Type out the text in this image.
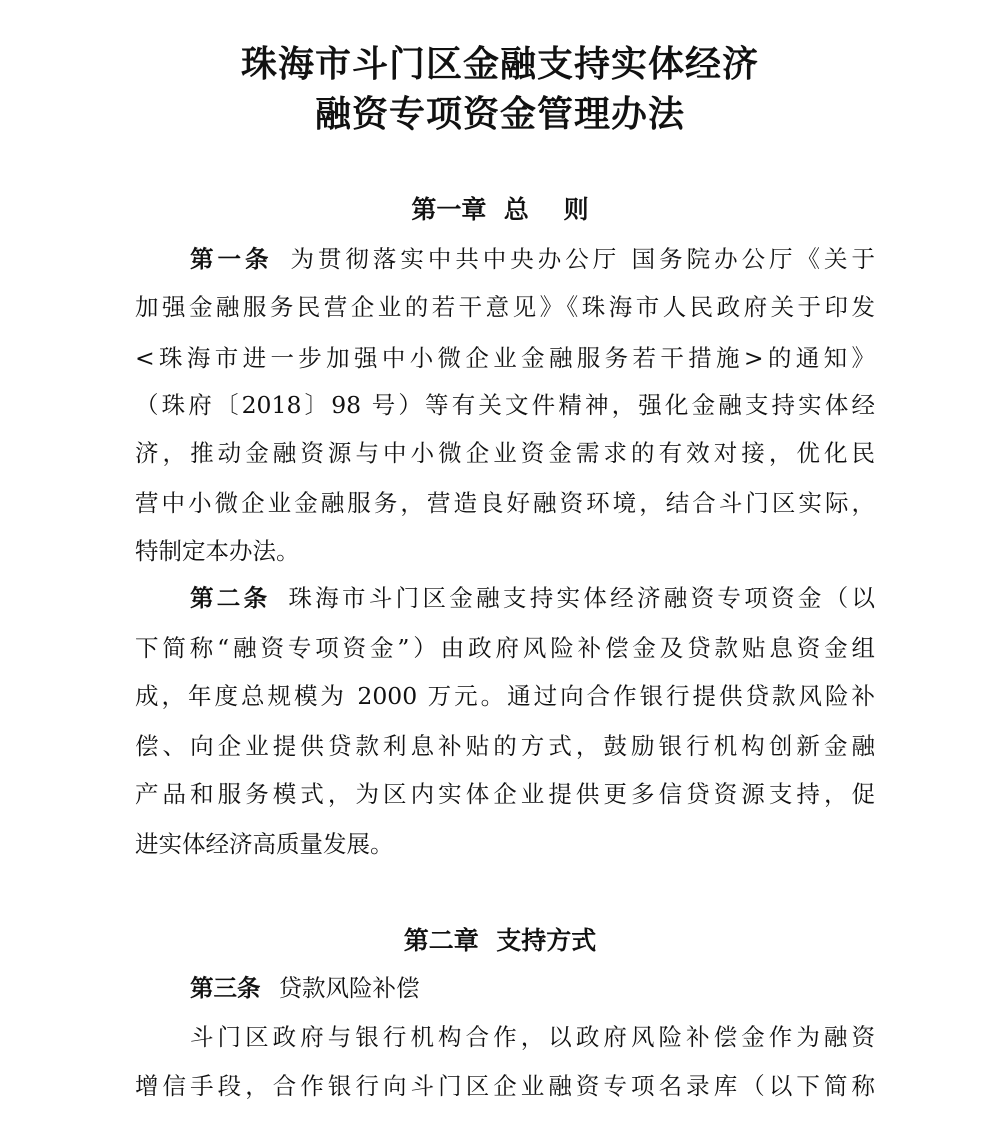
珠海市斗门区金融支持实体经济
融资专项资金管理办法
第一章  总    则
第一条 为贯彻落实中共中央办公厅 国务院办公厅《关于
加强金融服务民营企业的若干意见》《珠海市人民政府关于印发
<珠海市进一步加强中小微企业金融服务若干措施>的通知》
（珠府〔2018〕98 号）等有关文件精神，强化金融支持实体经
济，推动金融资源与中小微企业资金需求的有效对接，优化民
营中小微企业金融服务，营造良好融资环境，结合斗门区实际，
特制定本办法。
第二条 珠海市斗门区金融支持实体经济融资专项资金（以
下简称“融资专项资金”）由政府风险补偿金及贷款贴息资金组
成，年度总规模为 2000 万元。通过向合作银行提供贷款风险补
偿、向企业提供贷款利息补贴的方式，鼓励银行机构创新金融
产品和服务模式，为区内实体企业提供更多信贷资源支持，促
进实体经济高质量发展。
第二章  支持方式
第三条 贷款风险补偿
斗门区政府与银行机构合作，以政府风险补偿金作为融资
增信手段，合作银行向斗门区企业融资专项名录库（以下简称
